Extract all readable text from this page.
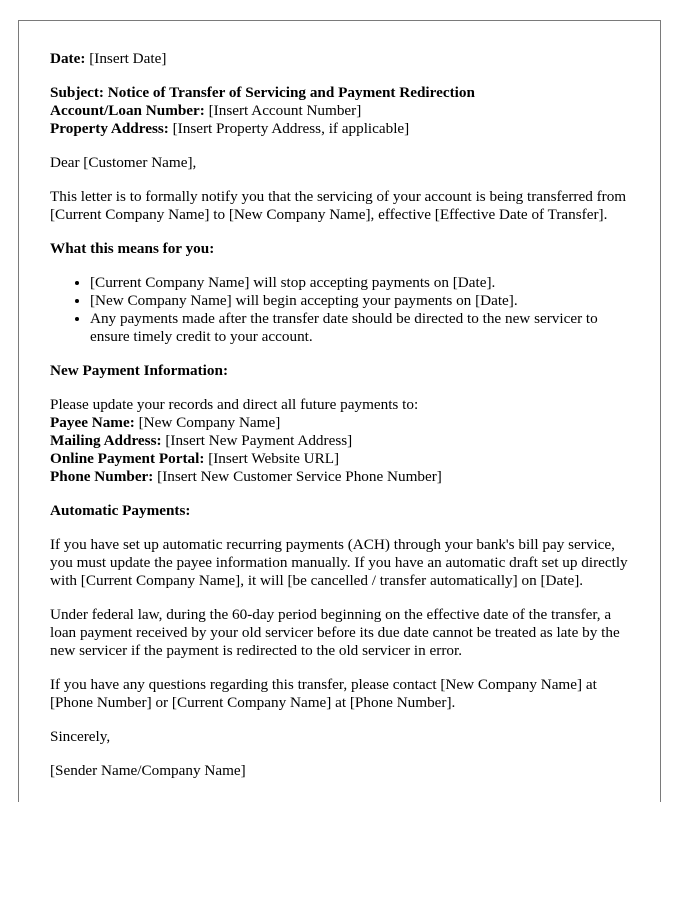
Date: [Insert Date]

Subject: Notice of Transfer of Servicing and Payment Redirection
Account/Loan Number: [Insert Account Number]
Property Address: [Insert Property Address, if applicable]

Dear [Customer Name],

This letter is to formally notify you that the servicing of your account is being transferred from [Current Company Name] to [New Company Name], effective [Effective Date of Transfer].

What this means for you:

• [Current Company Name] will stop accepting payments on [Date].
• [New Company Name] will begin accepting your payments on [Date].
• Any payments made after the transfer date should be directed to the new servicer to ensure timely credit to your account.

New Payment Information:

Please update your records and direct all future payments to:
Payee Name: [New Company Name]
Mailing Address: [Insert New Payment Address]
Online Payment Portal: [Insert Website URL]
Phone Number: [Insert New Customer Service Phone Number]

Automatic Payments:

If you have set up automatic recurring payments (ACH) through your bank's bill pay service, you must update the payee information manually. If you have an automatic draft set up directly with [Current Company Name], it will [be cancelled / transfer automatically] on [Date].

Under federal law, during the 60-day period beginning on the effective date of the transfer, a loan payment received by your old servicer before its due date cannot be treated as late by the new servicer if the payment is redirected to the old servicer in error.

If you have any questions regarding this transfer, please contact [New Company Name] at [Phone Number] or [Current Company Name] at [Phone Number].

Sincerely,

[Sender Name/Company Name]
